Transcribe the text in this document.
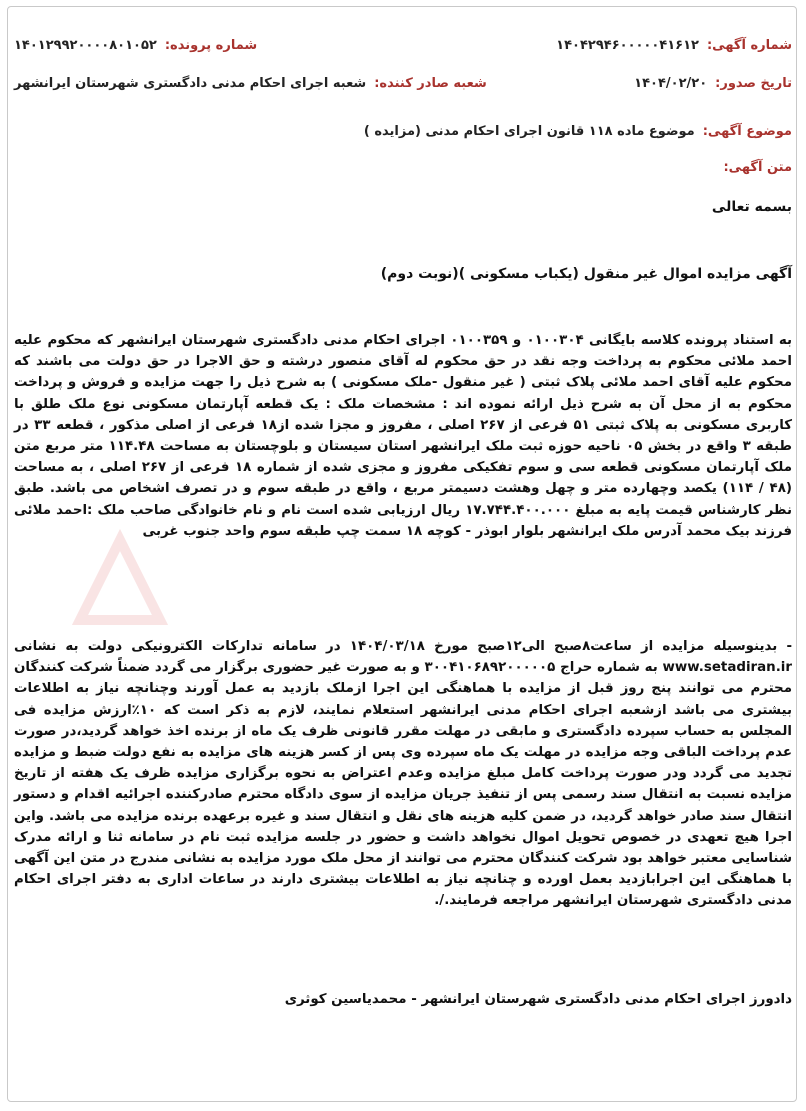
شماره آگهی:
۱۴۰۴۲۹۴۶۰۰۰۰۰۴۱۶۱۲
شماره پرونده:
۱۴۰۱۲۹۹۲۰۰۰۰۸۰۱۰۵۲
تاریخ صدور:
۱۴۰۴/۰۲/۲۰
شعبه صادر کننده:
شعبه اجرای احکام مدنی دادگستری شهرستان ایرانشهر
موضوع آگهی:
موضوع ماده ۱۱۸ قانون اجرای احکام مدنی (مزایده )
متن آگهی:
بسمه تعالی
آگهی مزایده اموال غیر منقول (یکباب مسکونی )(نوبت دوم)

به استناد پرونده کلاسه بایگانی ۰۱۰۰۳۰۴ و ۰۱۰۰۳۵۹ اجرای احکام مدنی دادگستری شهرستان ایرانشهر که محکوم علیه احمد ملائی محکوم به پرداخت وجه نقد در حق محکوم له آقای منصور درشته و حق الاجرا در حق دولت می باشند که محکوم علیه آقای احمد ملائی پلاک ثبتی ( غیر منقول -ملک مسکونی ) به شرح ذیل را جهت مزایده و فروش و پرداخت محکوم به از محل آن به شرح ذیل ارائه نموده اند : مشخصات ملک : یک قطعه آپارتمان مسکونی نوع ملک طلق با کاربری مسکونی به پلاک ثبتی ۵۱ فرعی از ۲۶۷ اصلی ، مفروز و مجزا شده از۱۸ فرعی از اصلی مذکور ، قطعه ۳۳ در طبقه ۳ واقع در بخش ۰۵ ناحیه حوزه ثبت ملک ایرانشهر استان سیستان و بلوچستان به مساحت ۱۱۴.۴۸ متر مربع متن ملک آپارتمان مسکونی قطعه سی و سوم تفکیکی مفروز و مجزی شده از شماره ۱۸ فرعی از ۲۶۷ اصلی ، به مساحت (۴۸ / ۱۱۴) یکصد وچهارده متر و چهل وهشت دسیمتر مربع ، واقع در طبقه سوم و در تصرف اشخاص می باشد. طبق نظر کارشناس قیمت پایه به مبلغ ۱۷.۷۴۴.۴۰۰.۰۰۰ ریال ارزیابی شده است نام و نام خانوادگی صاحب ملک :احمد ملائی فرزند بیک محمد آدرس ملک ایرانشهر بلوار ابوذر - کوچه ۱۸ سمت چپ طبقه سوم واحد جنوب غربی

- بدینوسیله مزایده از ساعت۸صبح الی۱۲صبح مورخ ۱۴۰۴/۰۳/۱۸ در سامانه تدارکات الکترونیکی دولت به نشانی www.setadiran.ir به شماره حراج ۳۰۰۴۱۰۶۸۹۲۰۰۰۰۰۵ و به صورت غیر حضوری برگزار می گردد ضمناً شرکت کنندگان محترم می توانند پنج روز قبل از مزایده با هماهنگی این اجرا ازملک بازدید به عمل آورند وچنانچه نیاز به اطلاعات بیشتری می باشد ازشعبه اجرای احکام مدنی ایرانشهر استعلام نمایند، لازم به ذکر است که ۱۰٪ارزش مزایده فی المجلس به حساب سپرده دادگستری و مابقی در مهلت مقرر قانونی ظرف یک ماه از برنده اخذ خواهد گردید،در صورت عدم پرداخت الباقی وجه مزایده در مهلت یک ماه سپرده وی پس از کسر هزینه های مزایده به نفع دولت ضبط و مزایده تجدید می گردد ودر صورت پرداخت کامل مبلغ مزایده وعدم اعتراض به نحوه برگزاری مزایده ظرف یک هفته از تاریخ مزایده نسبت به انتقال سند رسمی پس از تنفیذ جریان مزایده از سوی دادگاه محترم صادرکننده اجرائیه اقدام و دستور انتقال سند صادر خواهد گردید، در ضمن کلیه هزینه های نقل و انتقال سند و غیره برعهده برنده مزایده می باشد. واین اجرا هیچ تعهدی در خصوص تحویل اموال نخواهد داشت و حضور در جلسه مزایده ثبت نام در سامانه ثنا و ارائه مدرک شناسایی معتبر خواهد بود شرکت کنندگان محترم می توانند از محل ملک مورد مزایده به نشانی مندرج در متن این آگهی با هماهنگی این اجرابازدید بعمل اورده و چنانچه نیاز به اطلاعات بیشتری دارند در ساعات اداری به دفتر اجرای احکام مدنی دادگستری شهرستان ایرانشهر مراجعه فرمایند./.

دادورز اجرای احکام مدنی دادگستری شهرستان ایرانشهر - محمدیاسین کوثری
